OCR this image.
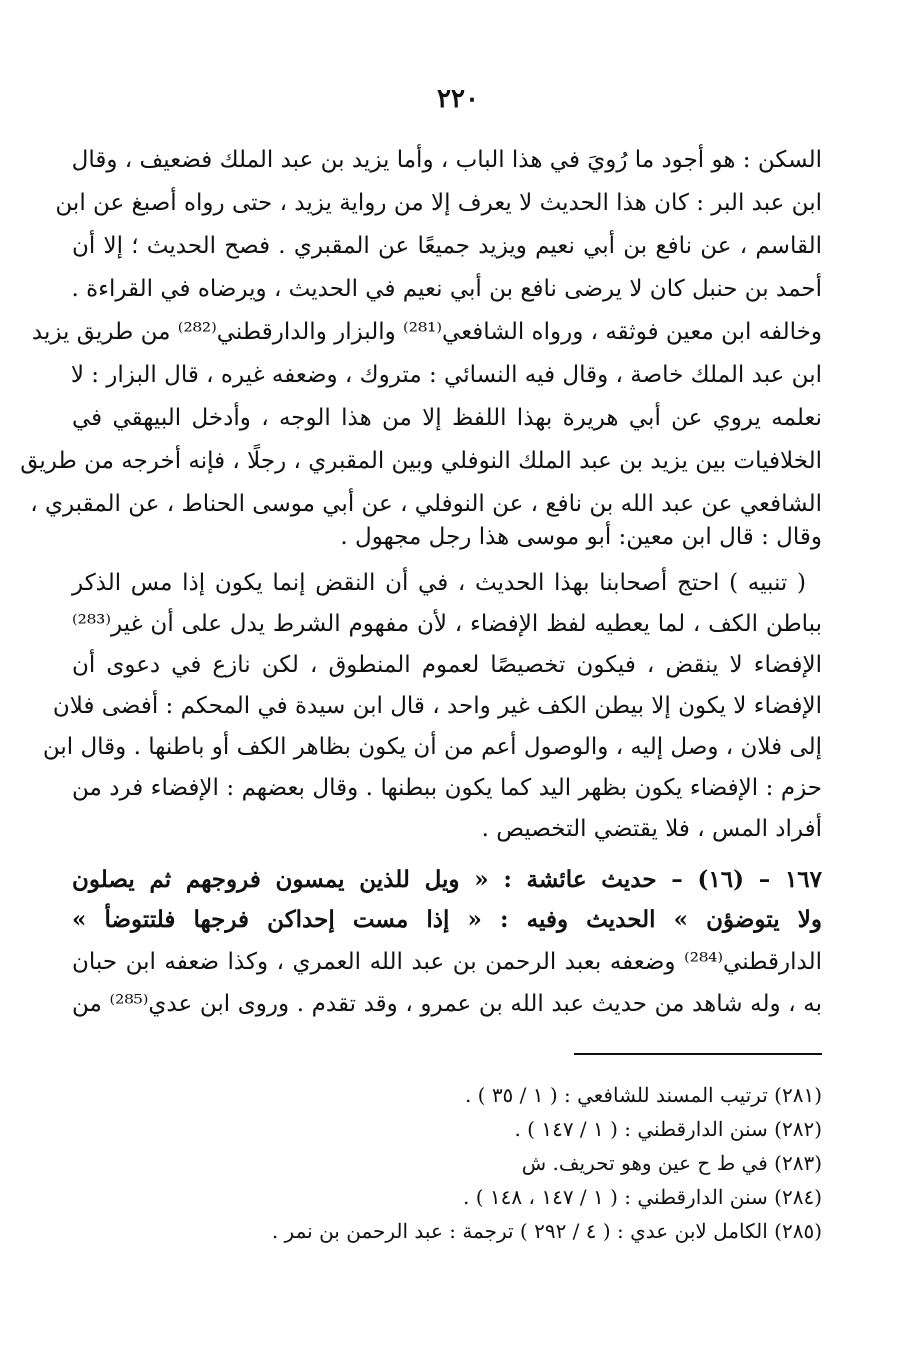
٢٢٠
السكن : هو أجود ما رُويَ في هذا الباب ، وأما يزيد بن عبد الملك فضعيف ، وقال
ابن عبد البر : كان هذا الحديث لا يعرف إلا من رواية يزيد ، حتى رواه أصبغ عن ابن
القاسم ، عن نافع بن أبي نعيم ويزيد جميعًا عن المقبري . فصح الحديث ؛ إلا أن
أحمد بن حنبل كان لا يرضى نافع بن أبي نعيم في الحديث ، ويرضاه في القراءة .
وخالفه ابن معين فوثقه ، ورواه الشافعي⁽²⁸¹⁾ والبزار والدارقطني⁽²⁸²⁾ من طريق يزيد
ابن عبد الملك خاصة ، وقال فيه النسائي : متروك ، وضعفه غيره ، قال البزار : لا
نعلمه يروي عن أبي هريرة بهذا اللفظ إلا من هذا الوجه ، وأدخل البيهقي في
الخلافيات بين يزيد بن عبد الملك النوفلي وبين المقبري ، رجلًا ، فإنه أخرجه من طريق
الشافعي عن عبد الله بن نافع ، عن النوفلي ، عن أبي موسى الحناط ، عن المقبري ،
وقال : قال ابن معين: أبو موسى هذا رجل مجهول .
( تنبيه ) احتج أصحابنا بهذا الحديث ، في أن النقض إنما يكون إذا مس الذكر
بباطن الكف ، لما يعطيه لفظ الإفضاء ، لأن مفهوم الشرط يدل على أن غير⁽²⁸³⁾
الإفضاء لا ينقض ، فيكون تخصيصًا لعموم المنطوق ، لكن نازع في دعوى أن
الإفضاء لا يكون إلا بيطن الكف غير واحد ، قال ابن سيدة في المحكم : أفضى فلان
إلى فلان ، وصل إليه ، والوصول أعم من أن يكون بظاهر الكف أو باطنها . وقال ابن
حزم : الإفضاء يكون بظهر اليد كما يكون ببطنها . وقال بعضهم : الإفضاء فرد من
أفراد المس ، فلا يقتضي التخصيص .
١٦٧ – (١٦) – حديث عائشة : « ويل للذين يمسون فروجهم ثم يصلون
ولا يتوضؤن » الحديث وفيه : « إذا مست إحداكن فرجها فلتتوضأ »
الدارقطني⁽²⁸⁴⁾ وضعفه بعبد الرحمن بن عبد الله العمري ، وكذا ضعفه ابن حبان
به ، وله شاهد من حديث عبد الله بن عمرو ، وقد تقدم . وروى ابن عدي⁽²⁸⁵⁾ من
(٢٨١) ترتيب المسند للشافعي : ( ١ / ٣٥ ) .
(٢٨٢) سنن الدارقطني : ( ١ / ١٤٧ ) .
(٢٨٣) في ط ح عين وهو تحريف. ش
(٢٨٤) سنن الدارقطني : ( ١ / ١٤٧ ، ١٤٨ ) .
(٢٨٥) الكامل لابن عدي : ( ٤ / ٢٩٢ ) ترجمة : عبد الرحمن بن نمر .
